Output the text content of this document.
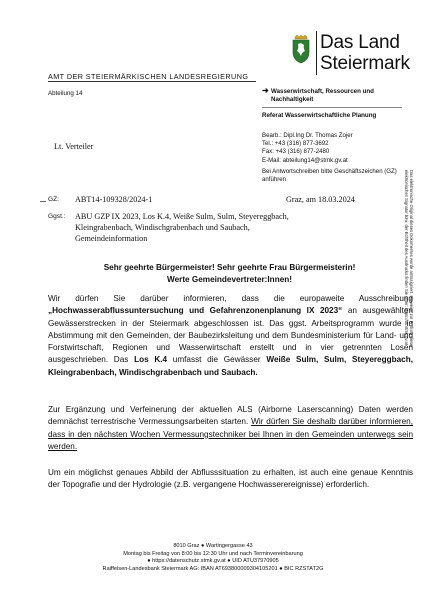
Das Land
Steiermark
AMT DER STEIERMÄRKISCHEN LANDESREGIERUNG
Abteilung 14	➜ Wasserwirtschaft, Ressourcen und Nachhaltigkeit
Referat Wasserwirtschaftliche Planung
Bearb.: Dipl.Ing Dr. Thomas Zojer
Tel.: +43 (316) 877-3692
Fax: +43 (316) 877-2480
E-Mail: abteilung14@stmk.gv.at
Bei Antwortschreiben bitte Geschäftszeichen (GZ) anführen
Lt. Verteiler
Das elektronische Original dieses Dokumentes wurde amtssigniert. Hinweise zur Prüfung dieser elektronischen Signatur bzw. der Echtheit des Ausdrucks finden Sie unter: https://as.stmk.gv.at
GZ: ABT14-109328/2024-1	Graz, am 18.03.2024
Ggst.: ABU GZP IX 2023, Los K.4, Weiße Sulm, Sulm, Steyereggbach, Kleingrabenbach, Windischgrabenbach und Saubach, Gemeindeinformation
Sehr geehrte Bürgermeister! Sehr geehrte Frau Bürgermeisterin!
Werte Gemeindevertreter:Innen!
Wir dürfen Sie darüber informieren, dass die europaweite Ausschreibung „Hochwasserabflussuntersuchung und Gefahrenzonenplanung IX 2023“ an ausgewählten Gewässerstrecken in der Steiermark abgeschlossen ist. Das ggst. Arbeitsprogramm wurde in Abstimmung mit den Gemeinden, der Baubezirksleitung und dem Bundesministerium für Land- und Forstwirtschaft, Regionen und Wasserwirtschaft erstellt und in vier getrennten Losen ausgeschrieben. Das Los K.4 umfasst die Gewässer Weiße Sulm, Sulm, Steyereggbach, Kleingrabenbach, Windischgrabenbach und Saubach.
Zur Ergänzung und Verfeinerung der aktuellen ALS (Airborne Laserscanning) Daten werden demnächst terrestrische Vermessungsarbeiten starten. Wir dürfen Sie deshalb darüber informieren, dass in den nächsten Wochen Vermessungstechniker bei Ihnen in den Gemeinden unterwegs sein werden.
Um ein möglichst genaues Abbild der Abflusssituation zu erhalten, ist auch eine genaue Kenntnis der Topografie und der Hydrologie (z.B. vergangene Hochwasserereignisse) erforderlich.
8010 Graz ● Wartingergasse 43
Montag bis Freitag von 8:00 bis 12:30 Uhr und nach Terminvereinbarung
● https://datenschutz.stmk.gv.at ● UID ATU37970905
Raiffeisen-Landesbank Steiermark AG: IBAN AT693800009304105201 ● BIC RZSTAT2G
